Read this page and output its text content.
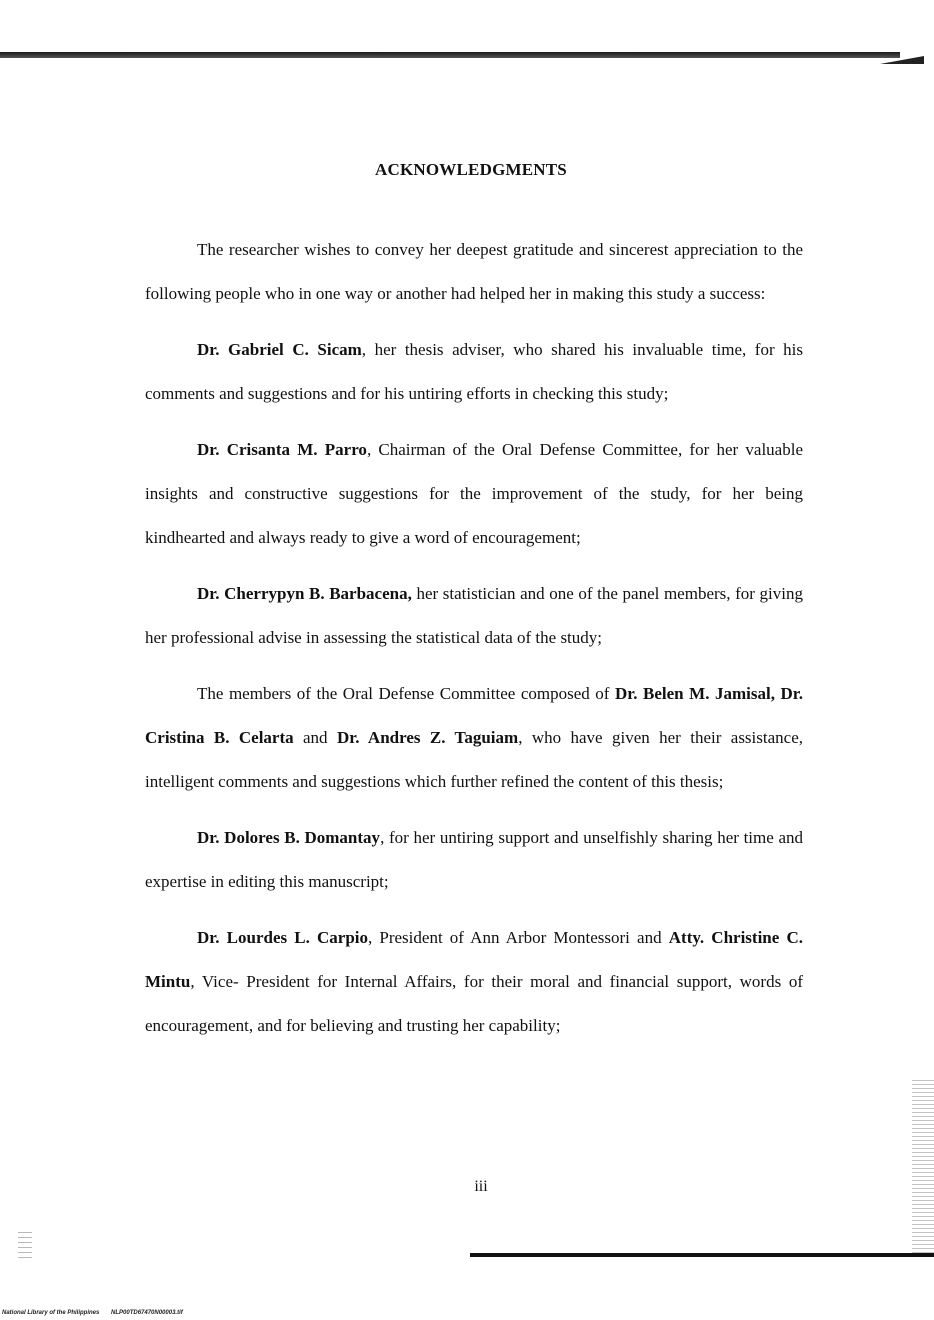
ACKNOWLEDGMENTS

The researcher wishes to convey her deepest gratitude and sincerest appreciation to the following people who in one way or another had helped her in making this study a success:

Dr. Gabriel C. Sicam, her thesis adviser, who shared his invaluable time, for his comments and suggestions and for his untiring efforts in checking this study;

Dr. Crisanta M. Parro, Chairman of the Oral Defense Committee, for her valuable insights and constructive suggestions for the improvement of the study, for her being kindhearted and always ready to give a word of encouragement;

Dr. Cherrypyn B. Barbacena, her statistician and one of the panel members, for giving her professional advise in assessing the statistical data of the study;

The members of the Oral Defense Committee composed of Dr. Belen M. Jamisal, Dr. Cristina B. Celarta and Dr. Andres Z. Taguiam, who have given her their assistance, intelligent comments and suggestions which further refined the content of this thesis;

Dr. Dolores B. Domantay, for her untiring support and unselfishly sharing her time and expertise in editing this manuscript;

Dr. Lourdes L. Carpio, President of Ann Arbor Montessori and Atty. Christine C. Mintu, Vice- President for Internal Affairs, for their moral and financial support, words of encouragement, and for believing and trusting her capability;

iii
National Library of the Philippines NLP00TD67470N00003.tif
